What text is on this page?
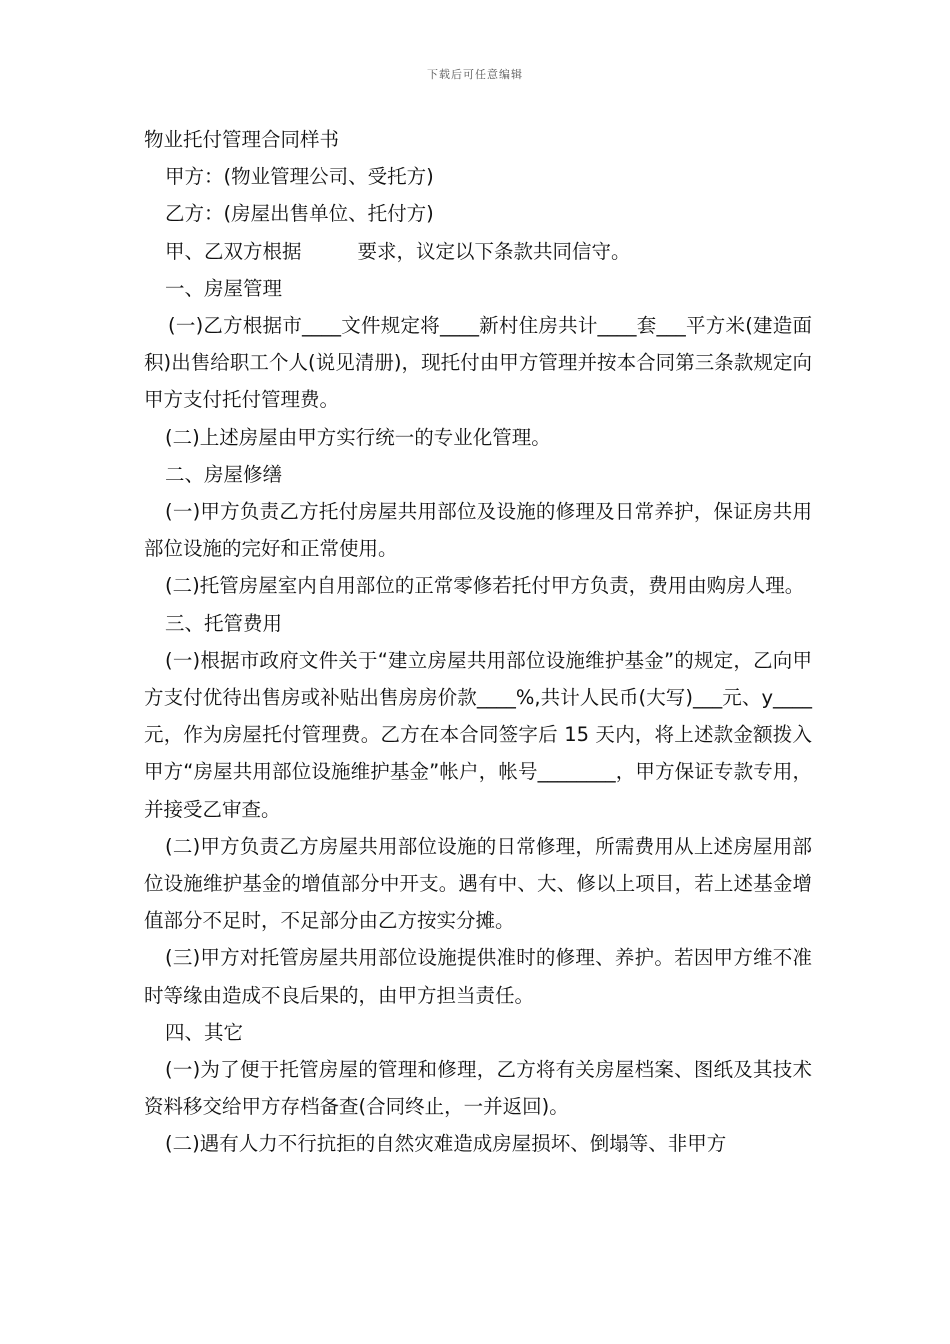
下载后可任意编辑

物业托付管理合同样书

甲方：(物业管理公司、受托方)

乙方：(房屋出售单位、托付方)

甲、乙双方根据	要求，议定以下条款共同信守。

一、房屋管理

(一)乙方根据市____文件规定将____新村住房共计____套___平方米(建造面积)出售给职工个人(说见清册)，现托付由甲方管理并按本合同第三条款规定向甲方支付托付管理费。

(二)上述房屋由甲方实行统一的专业化管理。

二、房屋修缮

(一)甲方负责乙方托付房屋共用部位及设施的修理及日常养护，保证房共用部位设施的完好和正常使用。

(二)托管房屋室内自用部位的正常零修若托付甲方负责，费用由购房人理。

三、托管费用

(一)根据市政府文件关于“建立房屋共用部位设施维护基金”的规定，乙向甲方支付优待出售房或补贴出售房房价款____%,共计人民币(大写)___元、y____元，作为房屋托付管理费。乙方在本合同签字后 15 天内，将上述款金额拨入甲方“房屋共用部位设施维护基金”帐户，帐号________，甲方保证专款专用，并接受乙审查。

(二)甲方负责乙方房屋共用部位设施的日常修理，所需费用从上述房屋用部位设施维护基金的增值部分中开支。遇有中、大、修以上项目，若上述基金增值部分不足时，不足部分由乙方按实分摊。

(三)甲方对托管房屋共用部位设施提供准时的修理、养护。若因甲方维不准时等缘由造成不良后果的，由甲方担当责任。

四、其它

(一)为了便于托管房屋的管理和修理，乙方将有关房屋档案、图纸及其技术资料移交给甲方存档备查(合同终止，一并返回)。

(二)遇有人力不行抗拒的自然灾难造成房屋损坏、倒塌等、非甲方
